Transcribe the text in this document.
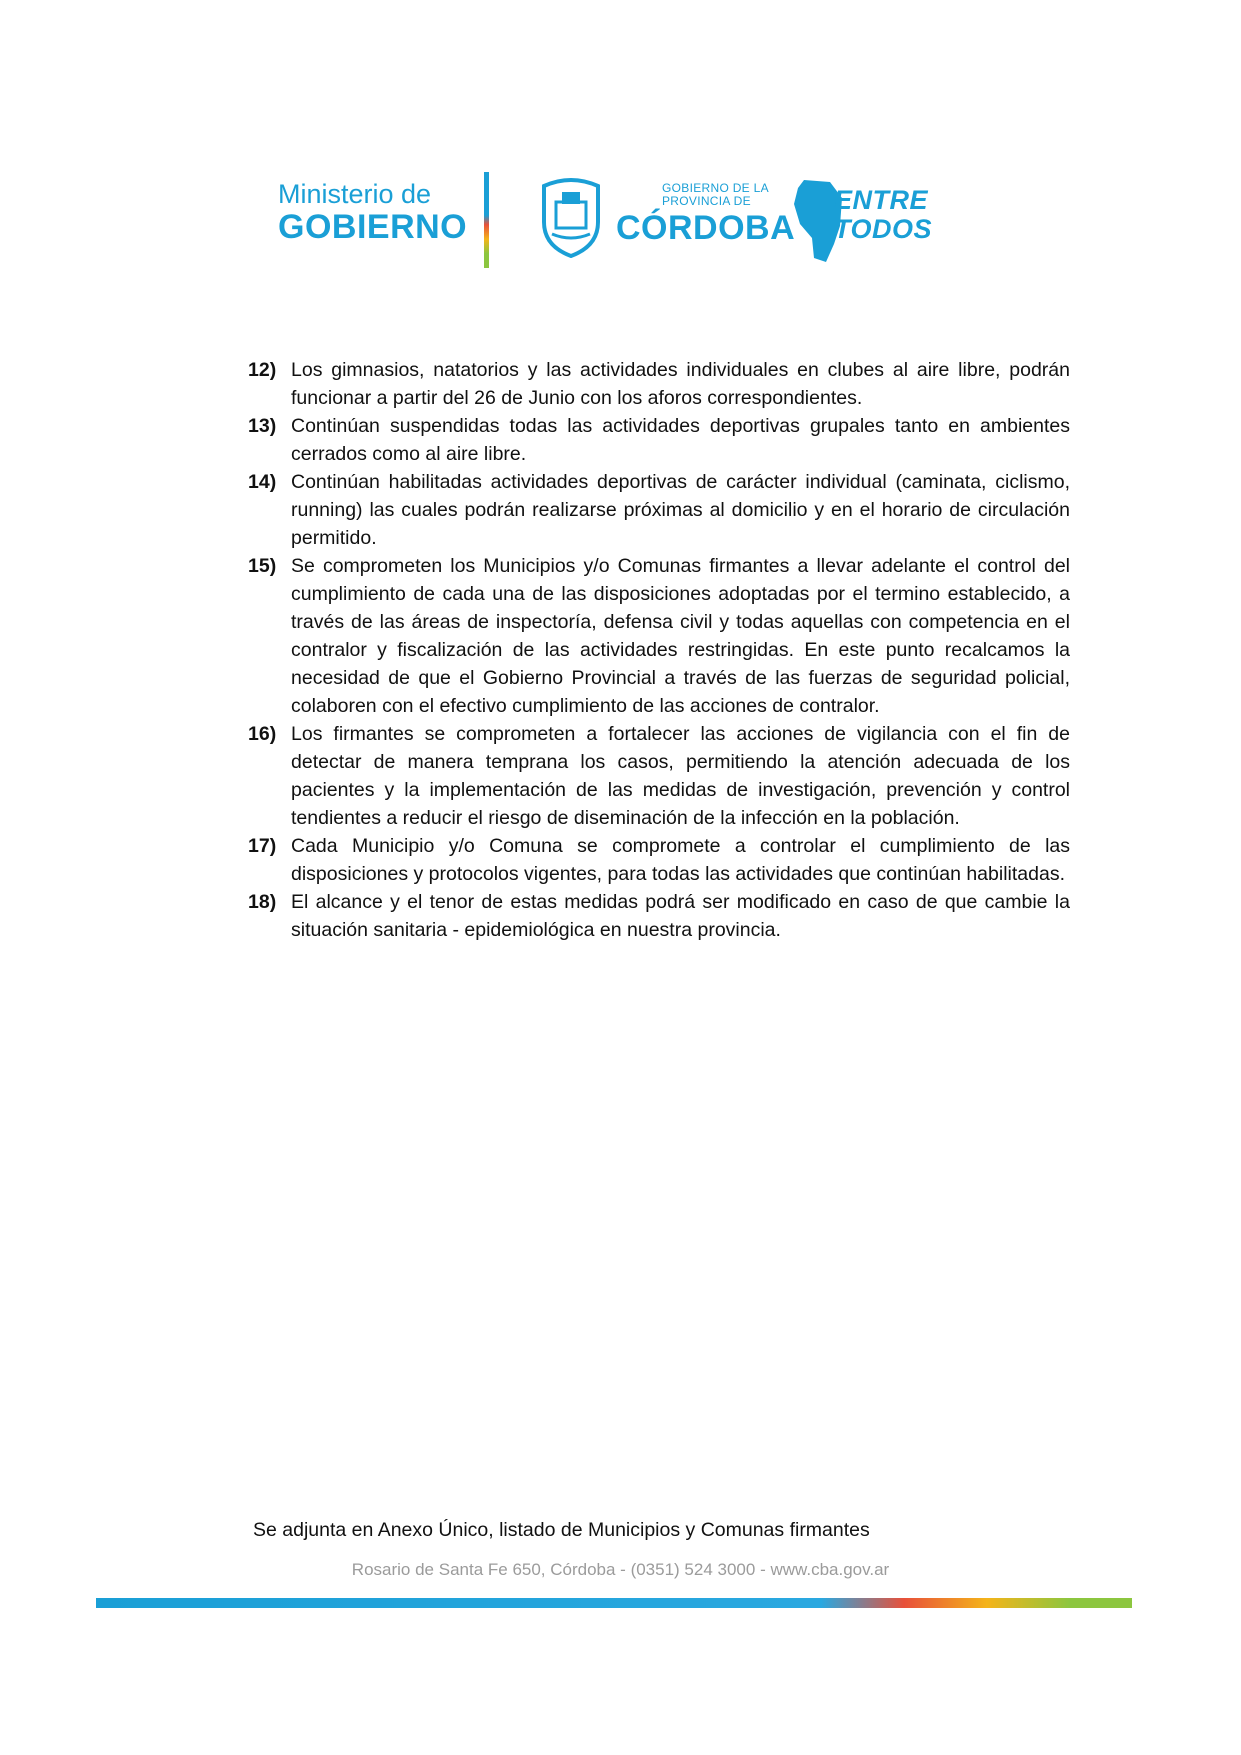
Ministerio de
GOBIERNO
GOBIERNO DE LA
PROVINCIA DE
CÓRDOBA
ENTRE
TODOS
12) Los gimnasios, natatorios y las actividades individuales en clubes al aire libre, podrán funcionar a partir del 26 de Junio con los aforos correspondientes.
13) Continúan suspendidas todas las actividades deportivas grupales tanto en ambientes cerrados como al aire libre.
14) Continúan habilitadas actividades deportivas de carácter individual (caminata, ciclismo, running) las cuales podrán realizarse próximas al domicilio y en el horario de circulación permitido.
15) Se comprometen los Municipios y/o Comunas firmantes a llevar adelante el control del cumplimiento de cada una de las disposiciones adoptadas por el termino establecido, a través de las áreas de inspectoría, defensa civil y todas aquellas con competencia en el contralor y fiscalización de las actividades restringidas. En este punto recalcamos la necesidad de que el Gobierno Provincial a través de las fuerzas de seguridad policial, colaboren con el efectivo cumplimiento de las acciones de contralor.
16) Los firmantes se comprometen a fortalecer las acciones de vigilancia con el fin de detectar de manera temprana los casos, permitiendo la atención adecuada de los pacientes y la implementación de las medidas de investigación, prevención y control tendientes a reducir el riesgo de diseminación de la infección en la población.
17) Cada Municipio y/o Comuna se compromete a controlar el cumplimiento de las disposiciones y protocolos vigentes, para todas las actividades que continúan habilitadas.
18) El alcance y el tenor de estas medidas podrá ser modificado en caso de que cambie la situación sanitaria - epidemiológica en nuestra provincia.
Se adjunta en Anexo Único, listado de Municipios y Comunas firmantes
Rosario de Santa Fe 650, Córdoba - (0351) 524 3000 - www.cba.gov.ar
